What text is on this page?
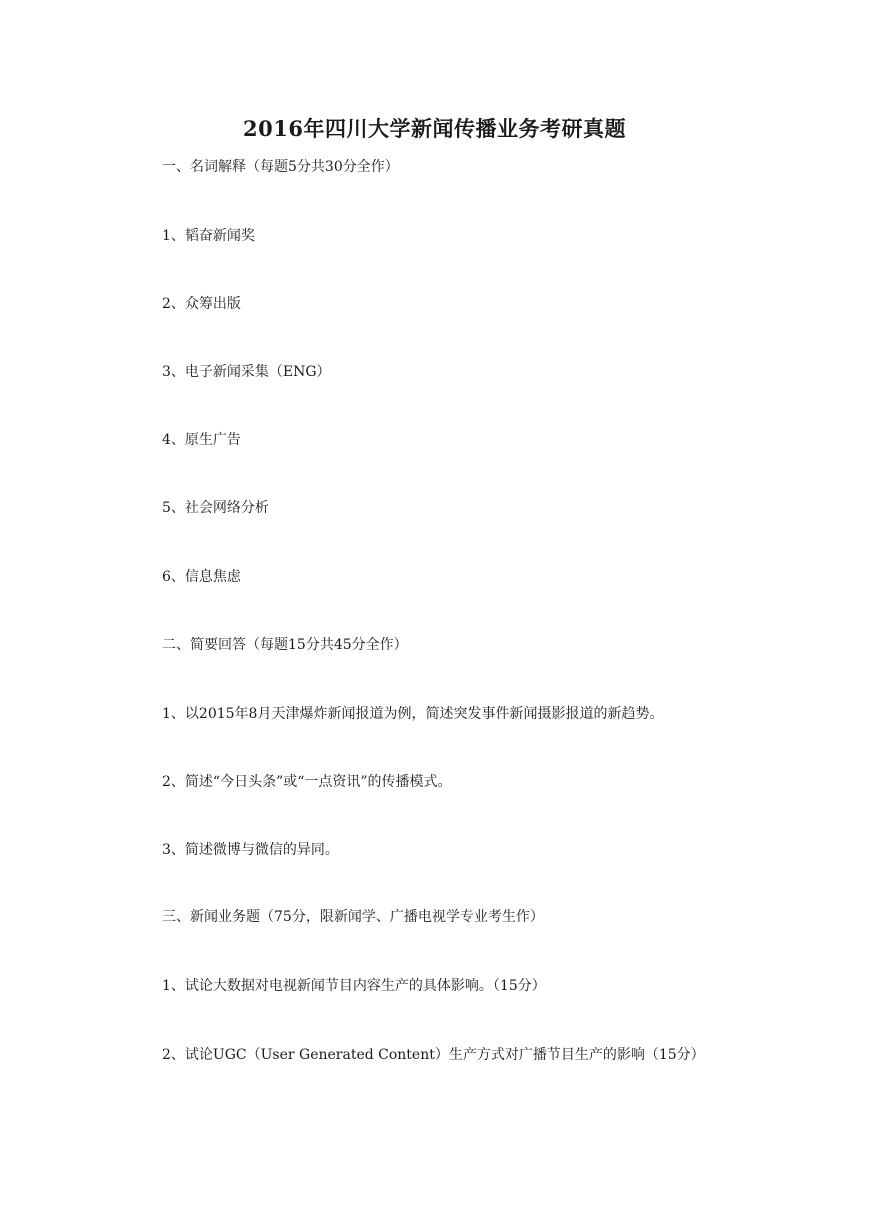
2016年四川大学新闻传播业务考研真题
一、名词解释（每题5分共30分全作）
1、韬奋新闻奖
2、众筹出版
3、电子新闻采集（ENG）
4、原生广告
5、社会网络分析
6、信息焦虑
二、简要回答（每题15分共45分全作）
1、以2015年8月天津爆炸新闻报道为例，简述突发事件新闻摄影报道的新趋势。
2、简述“今日头条”或“一点资讯”的传播模式。
3、简述微博与微信的异同。
三、新闻业务题（75分，限新闻学、广播电视学专业考生作）
1、试论大数据对电视新闻节目内容生产的具体影响。（15分）
2、试论UGC（User Generated Content）生产方式对广播节目生产的影响（15分）
